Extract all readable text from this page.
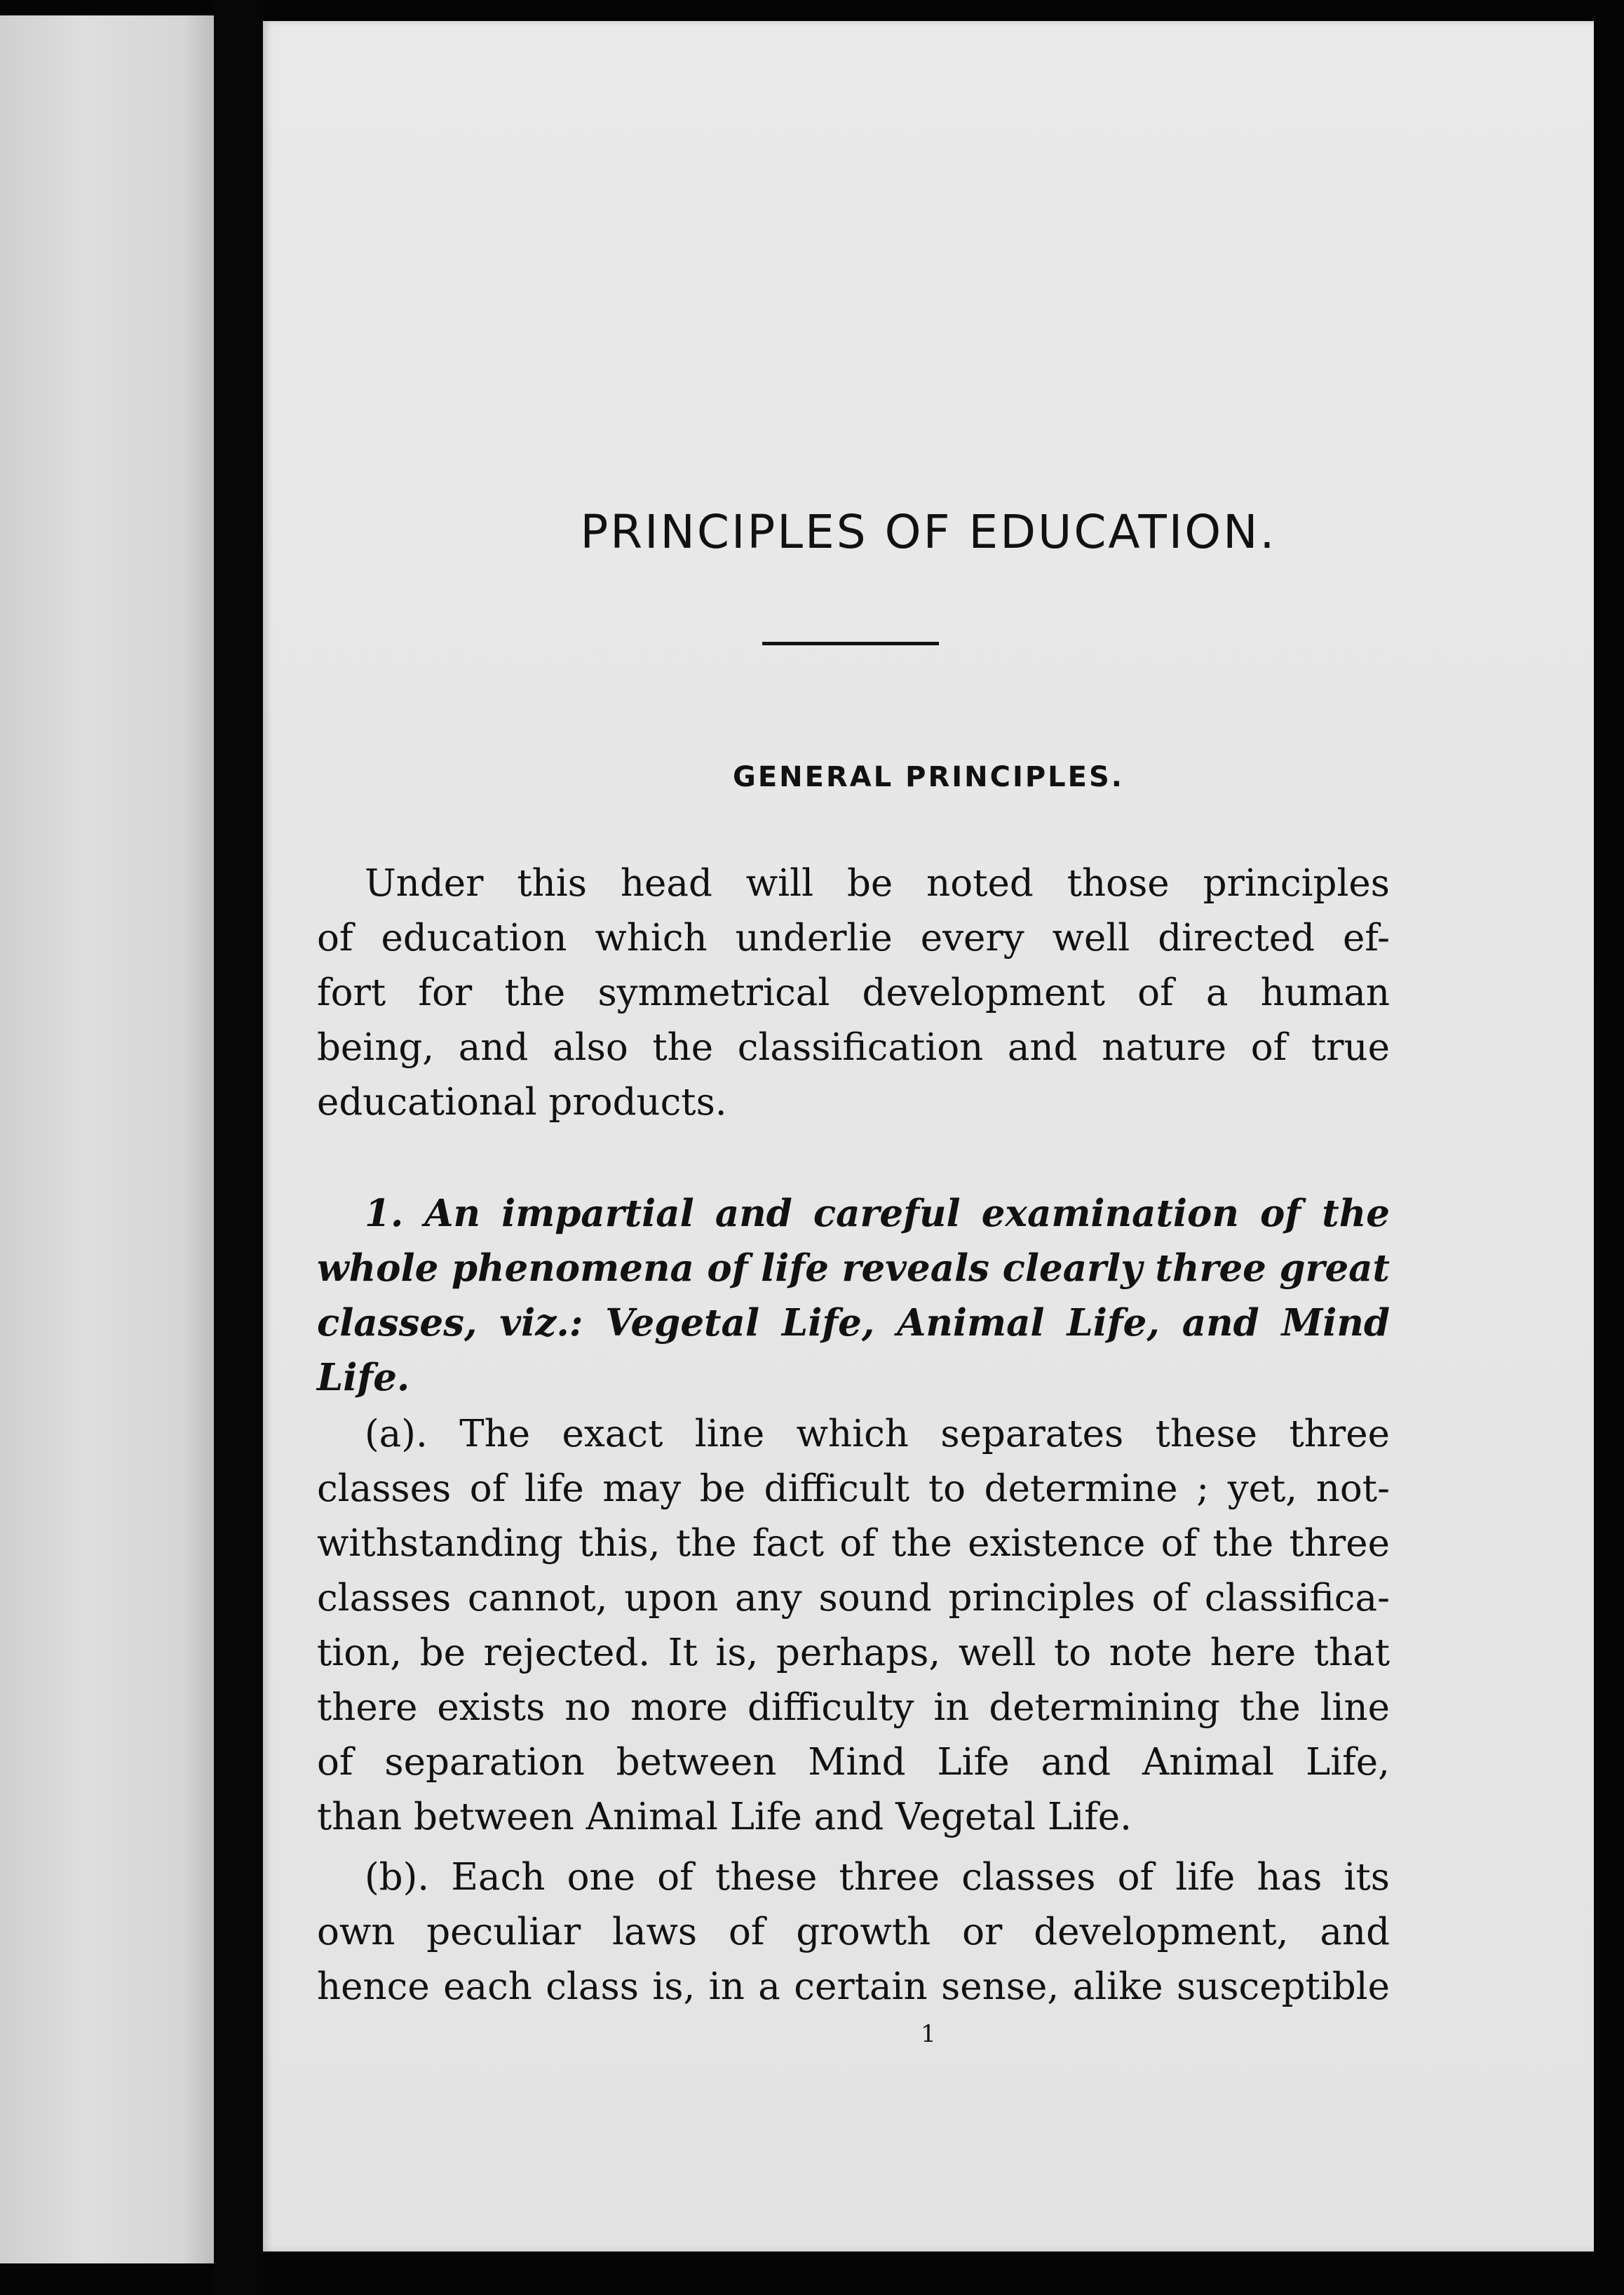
PRINCIPLES OF EDUCATION.
GENERAL PRINCIPLES.
Under this head will be noted those principles
of education which underlie every well directed ef-
fort for the symmetrical development of a human
being, and also the classification and nature of true
educational products.
1. An impartial and careful examination of the
whole phenomena of life reveals clearly three great
classes, viz.: Vegetal Life, Animal Life, and Mind
Life.
(a). The exact line which separates these three
classes of life may be difficult to determine ; yet, not-
withstanding this, the fact of the existence of the three
classes cannot, upon any sound principles of classifica-
tion, be rejected. It is, perhaps, well to note here that
there exists no more difficulty in determining the line
of separation between Mind Life and Animal Life,
than between Animal Life and Vegetal Life.
(b). Each one of these three classes of life has its
own peculiar laws of growth or development, and
hence each class is, in a certain sense, alike susceptible
1
